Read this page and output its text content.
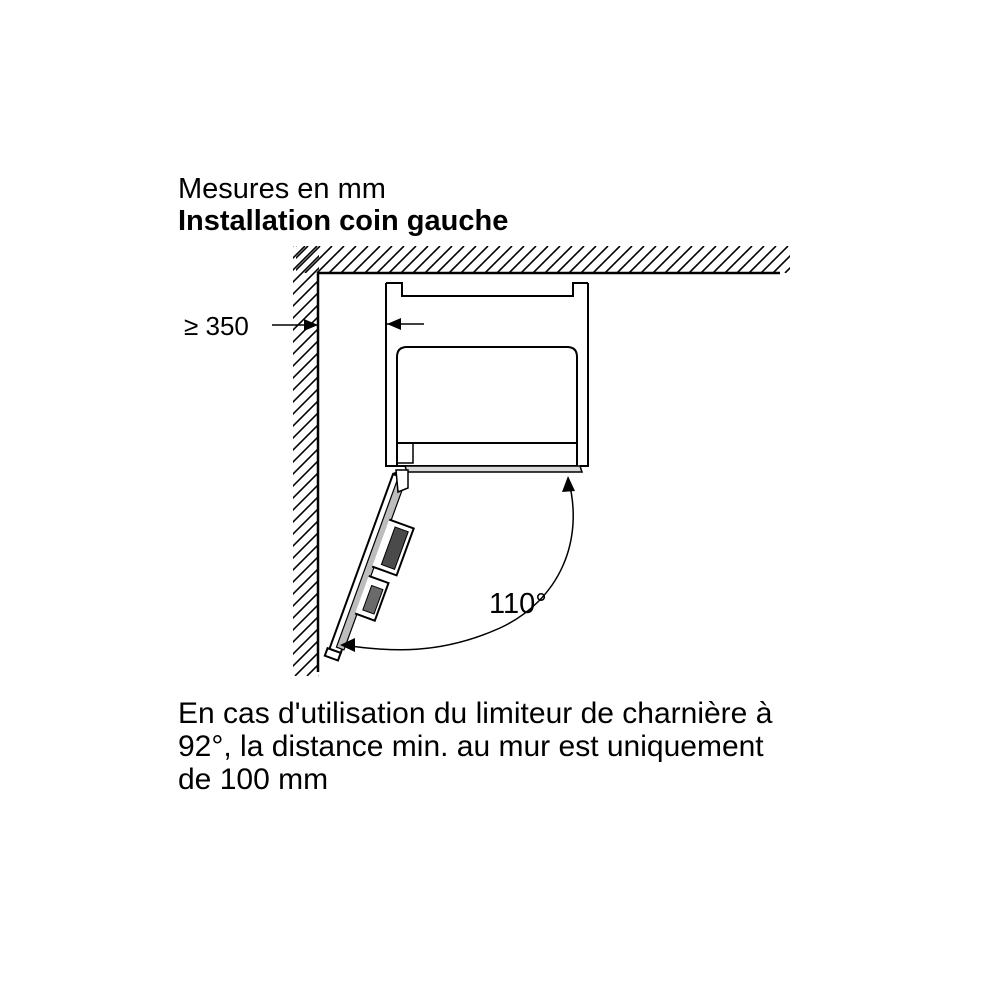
Mesures en mm
Installation coin gauche
≥ 350
110°
En cas d'utilisation du limiteur de charnière à
92°, la distance min. au mur est uniquement
de 100 mm
